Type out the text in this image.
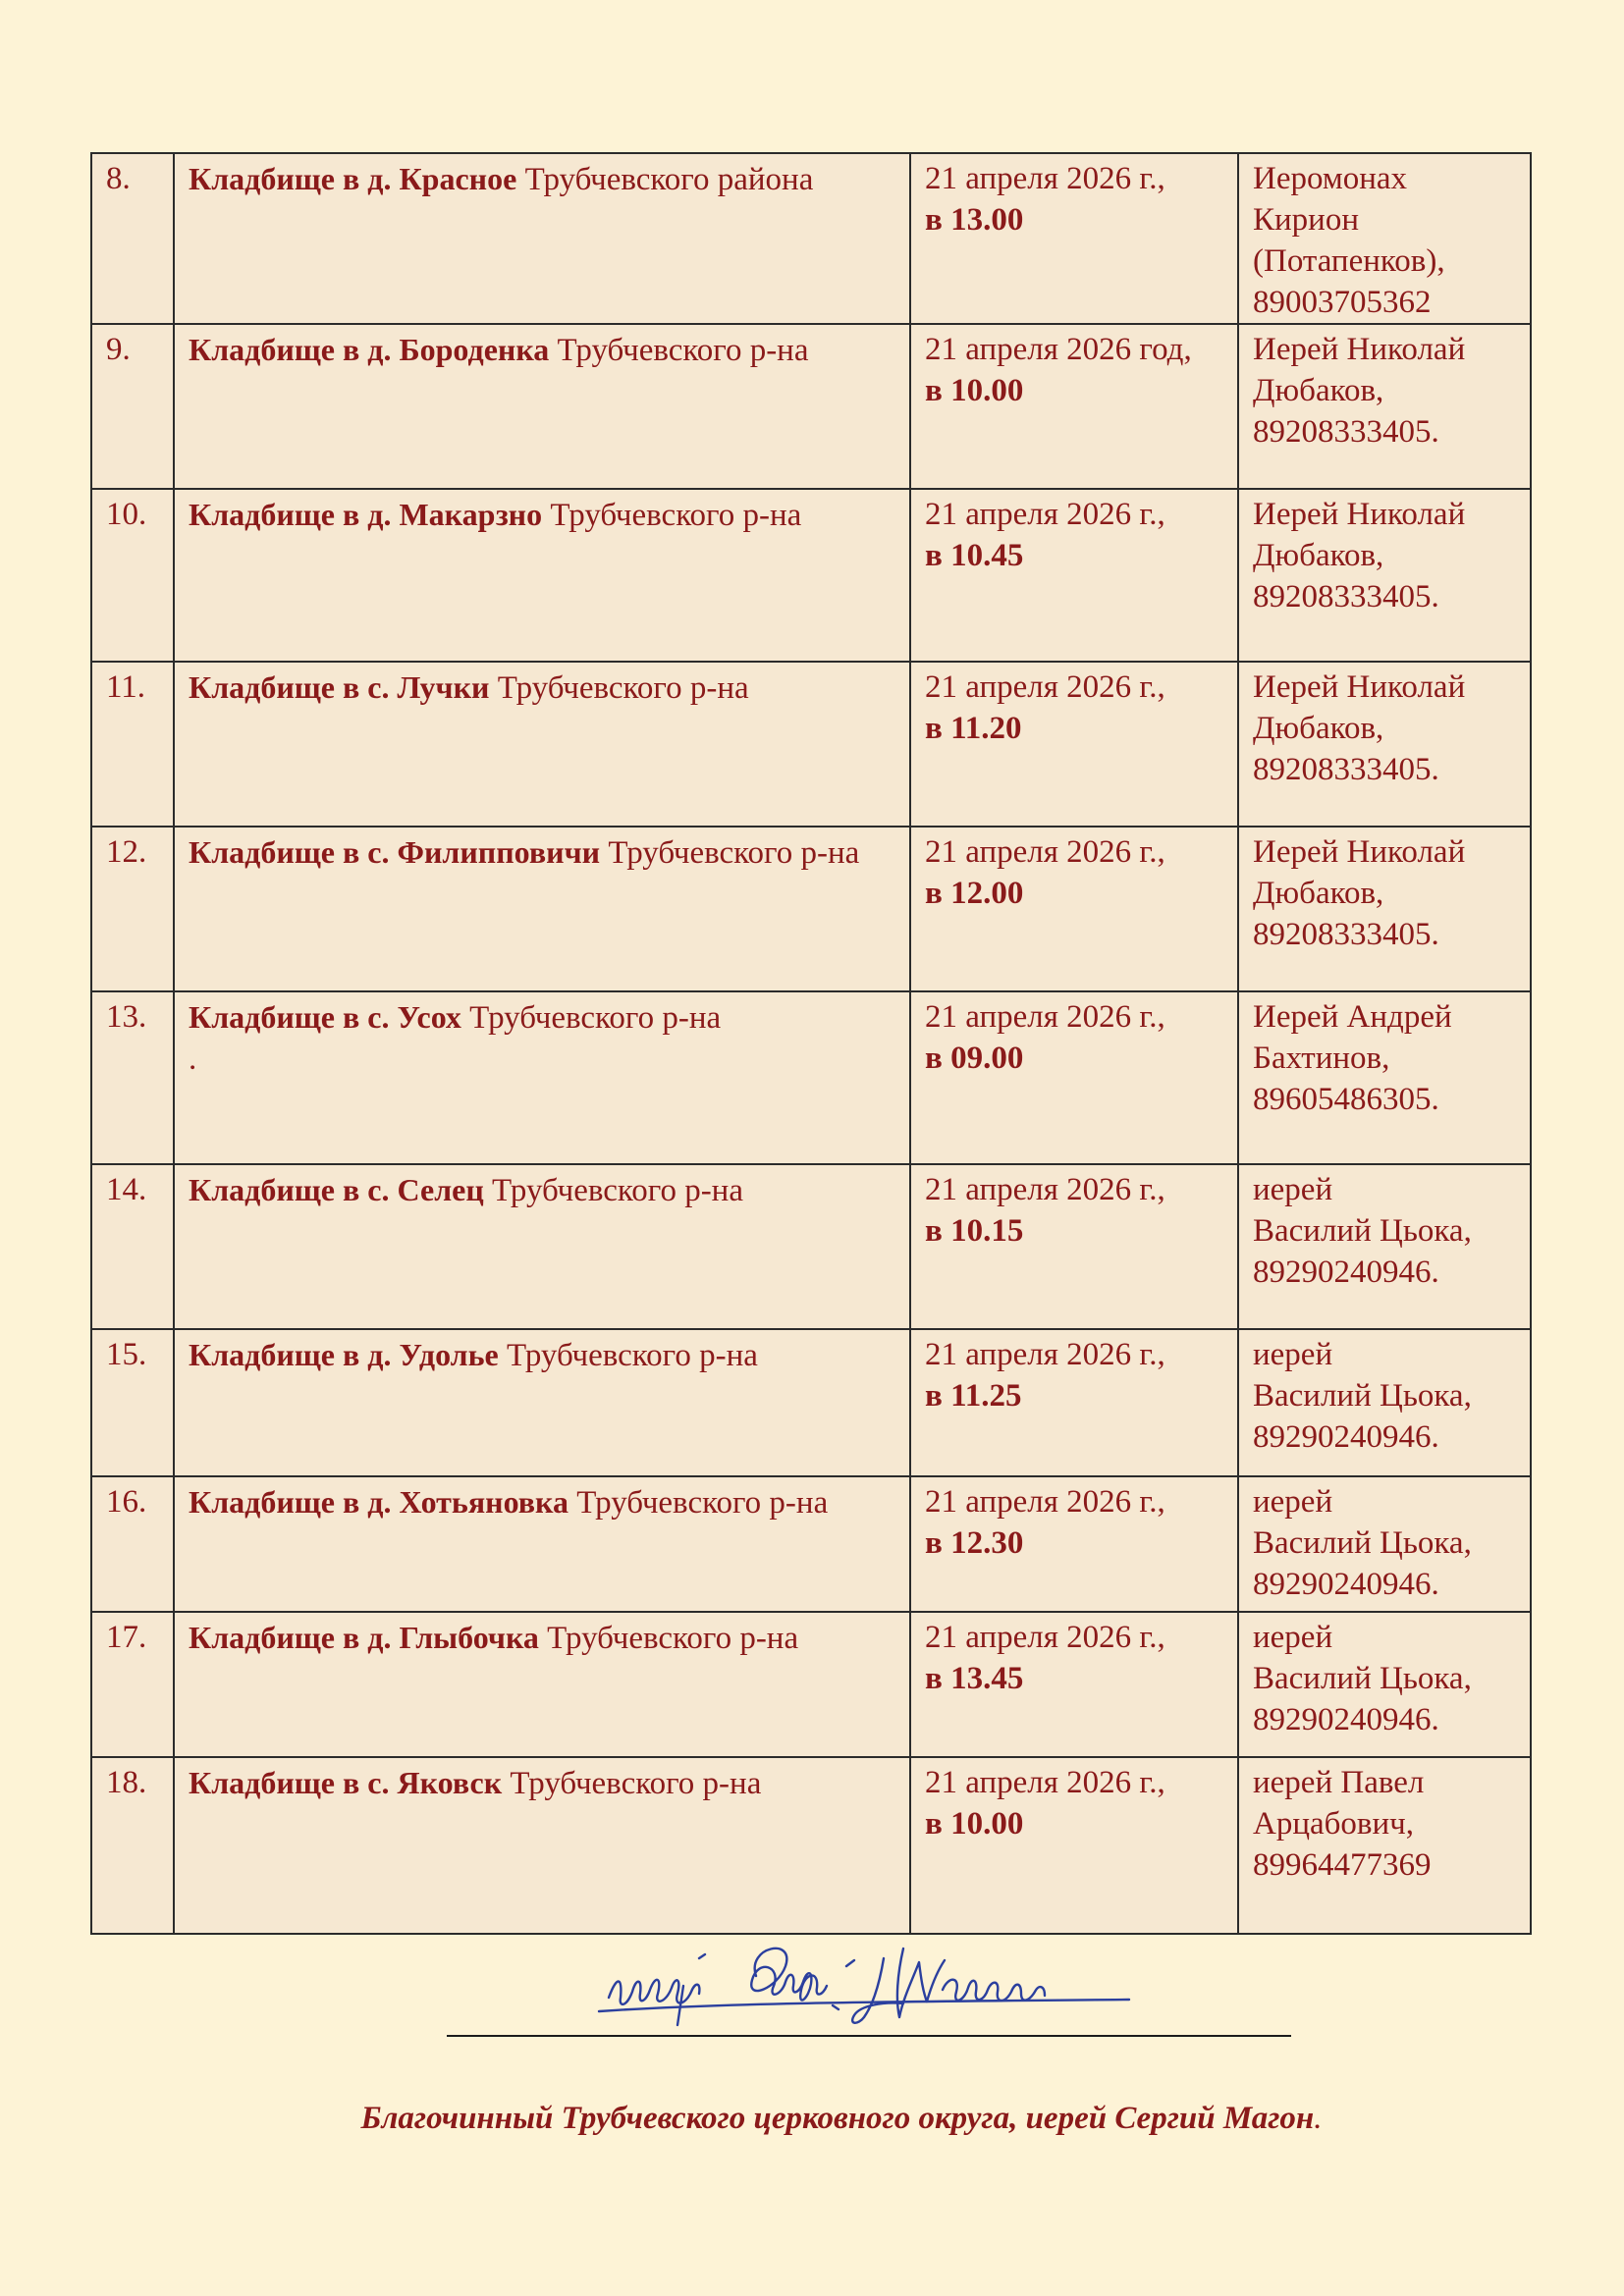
8.	Кладбище в д. Красное Трубчевского района	21 апреля 2026 г.,
в 13.00	Иеромонах
Кирион
(Потапенков),
89003705362

9.	Кладбище в д. Бороденка Трубчевского р-на	21 апреля 2026 год,
в 10.00	Иерей Николай
Дюбаков,
89208333405.

10.	Кладбище в д. Макарзно Трубчевского р-на	21 апреля 2026 г.,
в 10.45	Иерей Николай
Дюбаков,
89208333405.

11.	Кладбище в с. Лучки Трубчевского р-на	21 апреля 2026 г.,
в 11.20	Иерей Николай
Дюбаков,
89208333405.

12.	Кладбище в с. Филипповичи Трубчевского р-на	21 апреля 2026 г.,
в 12.00	Иерей Николай
Дюбаков,
89208333405.

13.	Кладбище в с. Усох Трубчевского р-на
.	21 апреля 2026 г.,
в 09.00	Иерей Андрей
Бахтинов,
89605486305.

14.	Кладбище в с. Селец Трубчевского р-на	21 апреля 2026 г.,
в 10.15	иерей
Василий Цьока,
89290240946.

15.	Кладбище в д. Удолье Трубчевского р-на	21 апреля 2026 г.,
в 11.25	иерей
Василий Цьока,
89290240946.

16.	Кладбище в д. Хотьяновка Трубчевского р-на	21 апреля 2026 г.,
в 12.30	иерей
Василий Цьока,
89290240946.

17.	Кладбище в д. Глыбочка Трубчевского р-на	21 апреля 2026 г.,
в 13.45	иерей
Василий Цьока,
89290240946.

18.	Кладбище в с. Яковск Трубчевского р-на	21 апреля 2026 г.,
в 10.00	иерей Павел
Арцабович,
89964477369
Благочинный Трубчевского церковного округа, иерей Сергий Магон.
